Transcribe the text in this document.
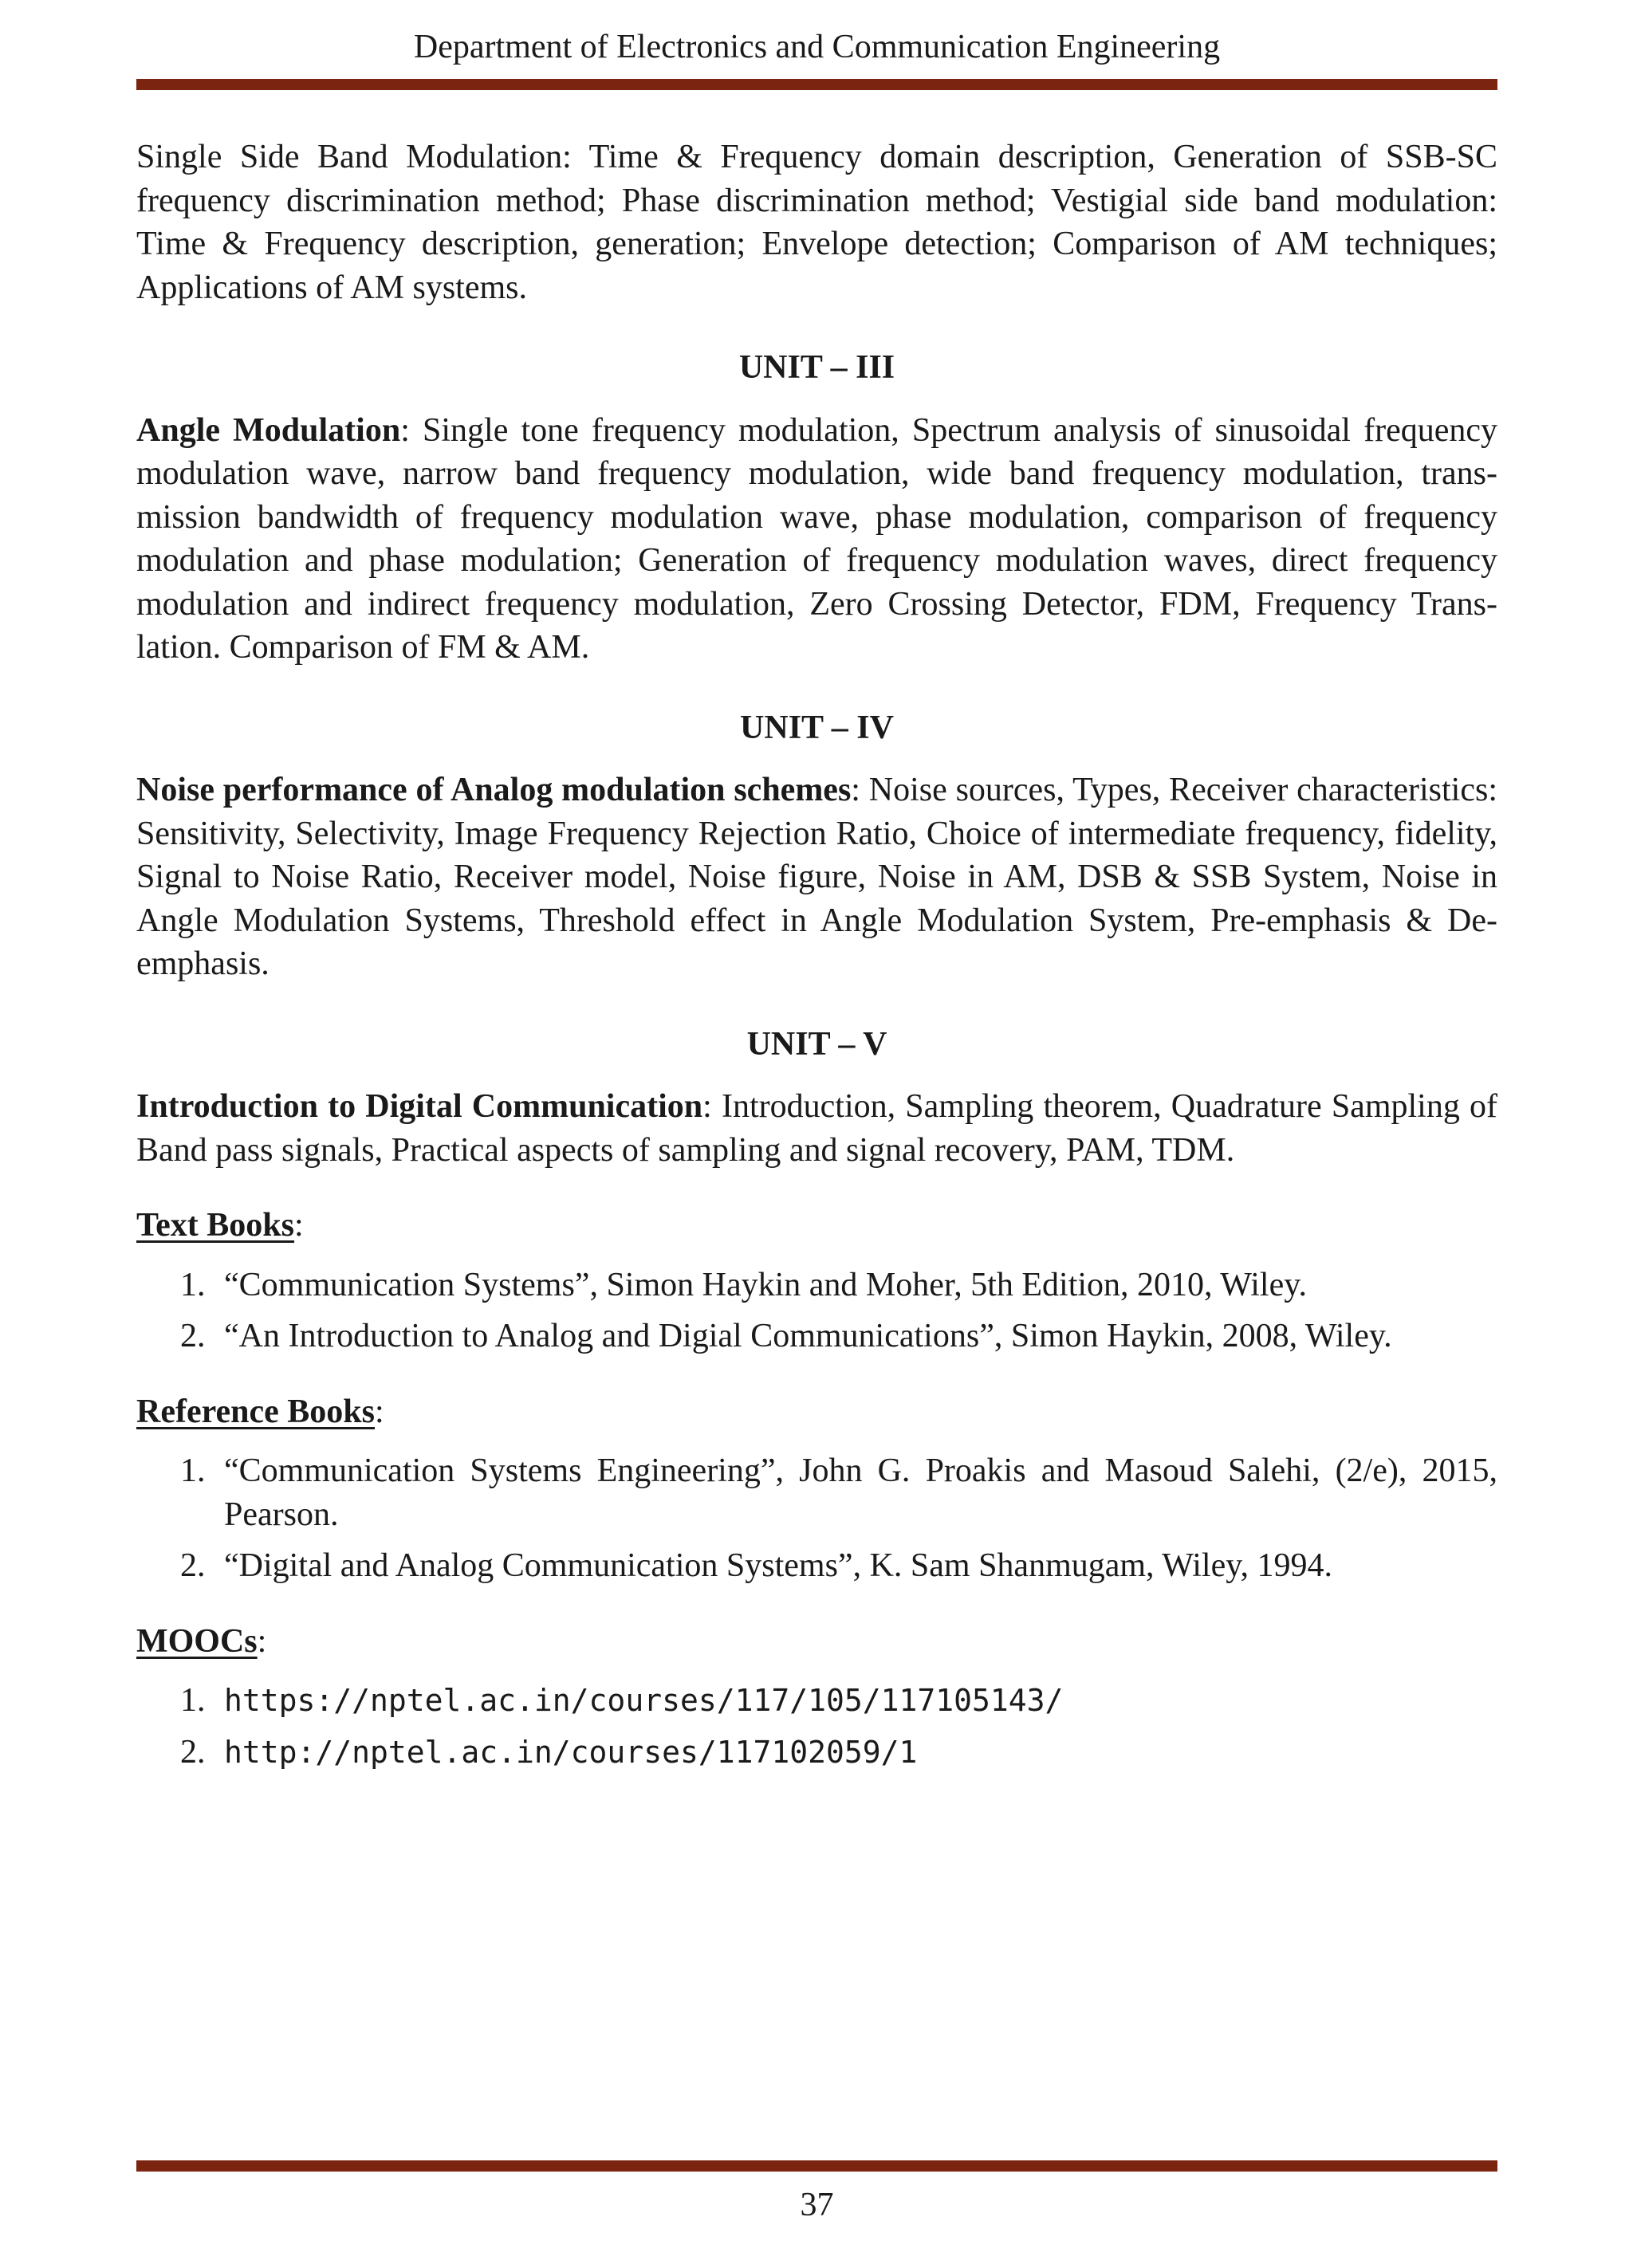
Department of Electronics and Communication Engineering

Single Side Band Modulation: Time & Frequency domain description, Generation of SSB-SC frequency discrimination method; Phase discrimination method; Vestigial side band modulation: Time & Frequency description, generation; Envelope detection; Comparison of AM techniques; Applications of AM systems.

UNIT – III

Angle Modulation: Single tone frequency modulation, Spectrum analysis of sinusoidal frequency modulation wave, narrow band frequency modulation, wide band frequency modulation, transmission bandwidth of frequency modulation wave, phase modulation, comparison of frequency modulation and phase modulation; Generation of frequency modulation waves, direct frequency modulation and indirect frequency modulation, Zero Crossing Detector, FDM, Frequency Translation. Comparison of FM & AM.

UNIT – IV

Noise performance of Analog modulation schemes: Noise sources, Types, Receiver characteristics: Sensitivity, Selectivity, Image Frequency Rejection Ratio, Choice of intermediate frequency, fidelity, Signal to Noise Ratio, Receiver model, Noise figure, Noise in AM, DSB & SSB System, Noise in Angle Modulation Systems, Threshold effect in Angle Modulation System, Pre-emphasis & De-emphasis.

UNIT – V

Introduction to Digital Communication: Introduction, Sampling theorem, Quadrature Sampling of Band pass signals, Practical aspects of sampling and signal recovery, PAM, TDM.

Text Books:
1. “Communication Systems”, Simon Haykin and Moher, 5th Edition, 2010, Wiley.
2. “An Introduction to Analog and Digial Communications”, Simon Haykin, 2008, Wiley.
Reference Books:
1. “Communication Systems Engineering”, John G. Proakis and Masoud Salehi, (2/e), 2015, Pearson.
2. “Digital and Analog Communication Systems”, K. Sam Shanmugam, Wiley, 1994.
MOOCs:
1. https://nptel.ac.in/courses/117/105/117105143/
2. http://nptel.ac.in/courses/117102059/1
37
